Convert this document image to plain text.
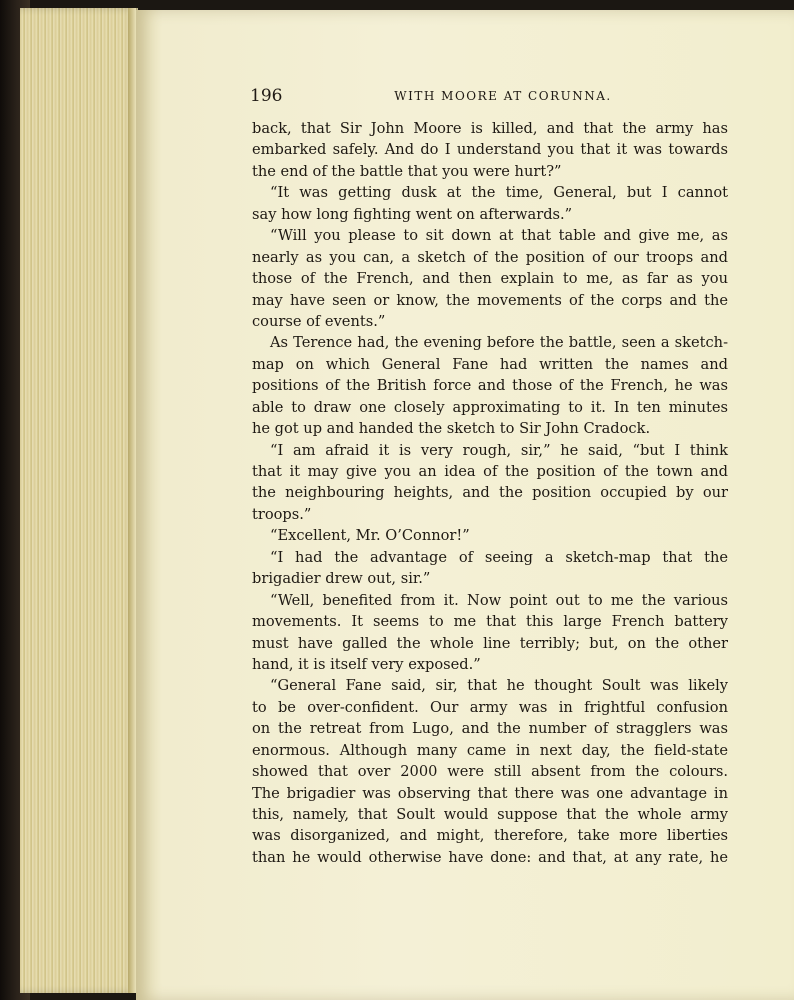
196	WITH MOORE AT CORUNNA.
back, that Sir John Moore is killed, and that the army has
embarked safely. And do I understand you that it was towards
the end of the battle that you were hurt?”
“It was getting dusk at the time, General, but I cannot
say how long fighting went on afterwards.”
“Will you please to sit down at that table and give me, as
nearly as you can, a sketch of the position of our troops and
those of the French, and then explain to me, as far as you
may have seen or know, the movements of the corps and the
course of events.”
As Terence had, the evening before the battle, seen a sketch-
map on which General Fane had written the names and
positions of the British force and those of the French, he was
able to draw one closely approximating to it. In ten minutes
he got up and handed the sketch to Sir John Cradock.
“I am afraid it is very rough, sir,” he said, “but I think
that it may give you an idea of the position of the town and
the neighbouring heights, and the position occupied by our
troops.”
“Excellent, Mr. O’Connor!”
“I had the advantage of seeing a sketch-map that the
brigadier drew out, sir.”
“Well, benefited from it. Now point out to me the various
movements. It seems to me that this large French battery
must have galled the whole line terribly; but, on the other
hand, it is itself very exposed.”
“General Fane said, sir, that he thought Soult was likely
to be over-confident. Our army was in frightful confusion
on the retreat from Lugo, and the number of stragglers was
enormous. Although many came in next day, the field-state
showed that over 2000 were still absent from the colours.
The brigadier was observing that there was one advantage in
this, namely, that Soult would suppose that the whole army
was disorganized, and might, therefore, take more liberties
than he would otherwise have done: and that, at any rate, he
